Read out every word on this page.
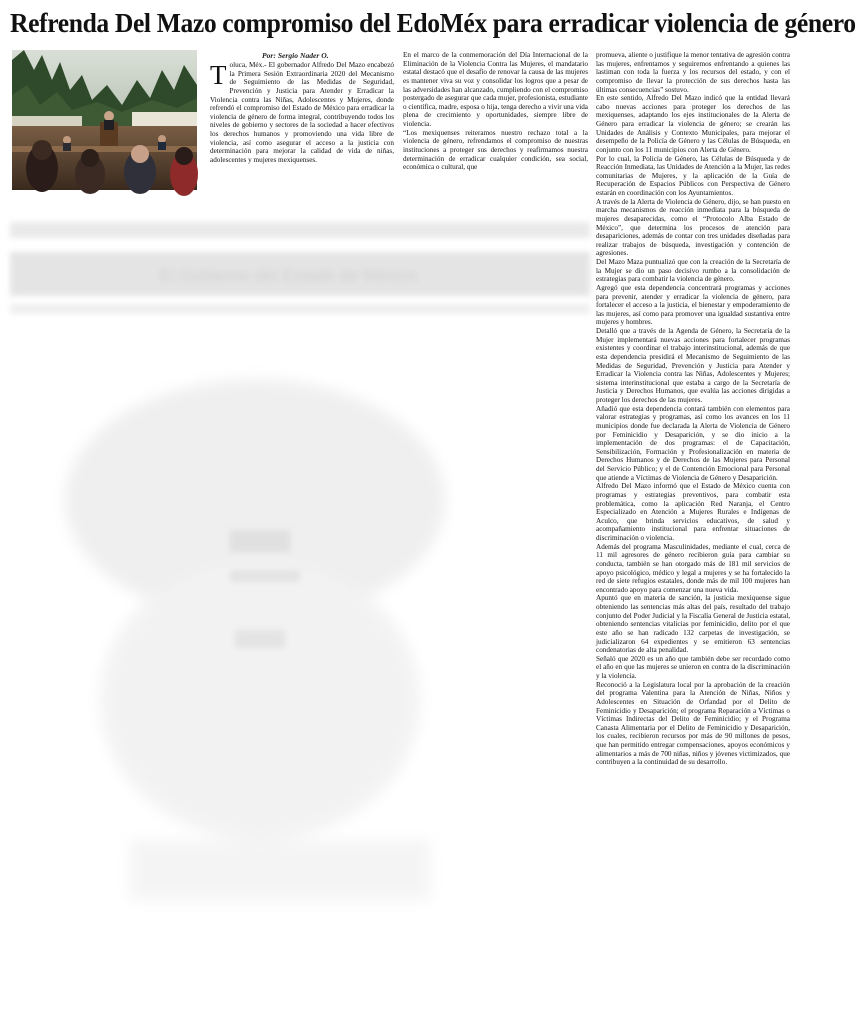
Refrenda Del Mazo compromiso del EdoMéx para erradicar violencia de género
Por: Sergio Nader O.

Toluca, Méx.- El gobernador Alfredo Del Mazo encabezó la Primera Sesión Extraordinaria 2020 del Mecanismo de Seguimiento de las Medidas de Seguridad, Prevención y Justicia para Atender y Erradicar la Violencia contra las Niñas, Adolescentes y Mujeres, donde refrendó el compromiso del Estado de México para erradicar la violencia de género de forma integral, contribuyendo todos los niveles de gobierno y sectores de la sociedad a hacer efectivos los derechos humanos y promoviendo una vida libre de violencia, así como asegurar el acceso a la justicia con determinación para mejorar la calidad de vida de niñas, adolescentes y mujeres mexiquenses.

En el marco de la conmemoración del Día Internacional de la Eliminación de la Violencia Contra las Mujeres, el mandatario estatal destacó que el desafío de renovar la causa de las mujeres es mantener viva su voz y consolidar los logros que a pesar de las adversidades han alcanzado, cumpliendo con el compromiso postergado de asegurar que cada mujer, profesionista, estudiante o científica, madre, esposa o hija, tenga derecho a vivir una vida plena de crecimiento y oportunidades, siempre libre de violencia.

“Los mexiquenses reiteramos nuestro rechazo total a la violencia de género, refrendamos el compromiso de nuestras instituciones a proteger sus derechos y reafirmamos nuestra determinación de erradicar cualquier condición, sea social, económica o cultural, que

promueva, aliente o justifique la menor tentativa de agresión contra las mujeres, enfrentamos y seguiremos enfrentando a quienes las lastiman con toda la fuerza y los recursos del estado, y con el compromiso de llevar la protección de sus derechos hasta las últimas consecuencias” sostuvo.

En este sentido, Alfredo Del Mazo indicó que la entidad llevará cabo nuevas acciones para proteger los derechos de las mexiquenses, adaptando los ejes institucionales de la Alerta de Género para erradicar la violencia de género; se crearán las Unidades de Análisis y Contexto Municipales, para mejorar el desempeño de la Policía de Género y las Células de Búsqueda, en conjunto con los 11 municipios con Alerta de Género.

Por lo cual, la Policía de Género, las Células de Búsqueda y de Reacción Inmediata, las Unidades de Atención a la Mujer, las redes comunitarias de Mujeres, y la aplicación de la Guía de Recuperación de Espacios Públicos con Perspectiva de Género estarán en coordinación con los Ayuntamientos.

A través de la Alerta de Violencia de Género, dijo, se han puesto en marcha mecanismos de reacción inmediata para la búsqueda de mujeres desaparecidas, como el “Protocolo Alba Estado de México”, que determina los procesos de atención para desapariciones, además de contar con tres unidades diseñadas para realizar trabajos de búsqueda, investigación y contención de agresiones.

Del Mazo Maza puntualizó que con la creación de la Secretaría de la Mujer se dio un paso decisivo rumbo a la consolidación de estrategias para combatir la violencia de género.

Agregó que esta dependencia concentrará programas y acciones para prevenir, atender y erradicar la violencia de género, para fortalecer el acceso a la justicia, el bienestar y empoderamiento de las mujeres, así como para promover una igualdad sustantiva entre mujeres y hombres.

Detalló que a través de la Agenda de Género, la Secretaría de la Mujer implementará nuevas acciones para fortalecer programas existentes y coordinar el trabajo interinstitucional, además de que esta dependencia presidirá el Mecanismo de Seguimiento de las Medidas de Seguridad, Prevención y Justicia para Atender y Erradicar la Violencia contra las Niñas, Adolescentes y Mujeres; sistema interinstitucional que estaba a cargo de la Secretaría de Justicia y Derechos Humanos, que evalúa las acciones dirigidas a proteger los derechos de las mujeres.

Añadió que esta dependencia contará también con elementos para valorar estrategias y programas, así como los avances en los 11 municipios donde fue declarada la Alerta de Violencia de Género por Feminicidio y Desaparición, y se dio inicio a la implementación de dos programas: el de Capacitación, Sensibilización, Formación y Profesionalización en materia de Derechos Humanos y de Derechos de las Mujeres para Personal del Servicio Público; y el de Contención Emocional para Personal que atiende a Víctimas de Violencia de Género y Desaparición.

Alfredo Del Mazo informó que el Estado de México cuenta con programas y estrategias preventivos, para combatir esta problemática, como la aplicación Red Naranja, el Centro Especializado en Atención a Mujeres Rurales e Indígenas de Aculco, que brinda servicios educativos, de salud y acompañamiento institucional para enfrentar situaciones de discriminación o violencia.

Además del programa Masculinidades, mediante el cual, cerca de 11 mil agresores de género recibieron guía para cambiar su conducta, también se han otorgado más de 181 mil servicios de apoyo psicológico, médico y legal a mujeres y se ha fortalecido la red de siete refugios estatales, donde más de mil 100 mujeres han encontrado apoyo para comenzar una nueva vida.

Apuntó que en materia de sanción, la justicia mexiquense sigue obteniendo las sentencias más altas del país, resultado del trabajo conjunto del Poder Judicial y la Fiscalía General de Justicia estatal, obteniendo sentencias vitalicias por feminicidio, delito por el que este año se han radicado 132 carpetas de investigación, se judicializaron 64 expedientes y se emitieron 63 sentencias condenatorias de alta penalidad.

Señaló que 2020 es un año que también debe ser recordado como el año en que las mujeres se unieron en contra de la discriminación y la violencia.

Reconoció a la Legislatura local por la aprobación de la creación del programa Valentina para la Atención de Niñas, Niños y Adolescentes en Situación de Orfandad por el Delito de Feminicidio y Desaparición; el programa Reparación a Víctimas o Víctimas Indirectas del Delito de Feminicidio; y el Programa Canasta Alimentaria por el Delito de Feminicidio y Desaparición, los cuales, recibieron recursos por más de 90 millones de pesos, que han permitido entregar compensaciones, apoyos económicos y alimentarios a más de 700 niñas, niños y jóvenes victimizados, que contribuyen a la continuidad de su desarrollo.

El Gobierno del Estado de México
